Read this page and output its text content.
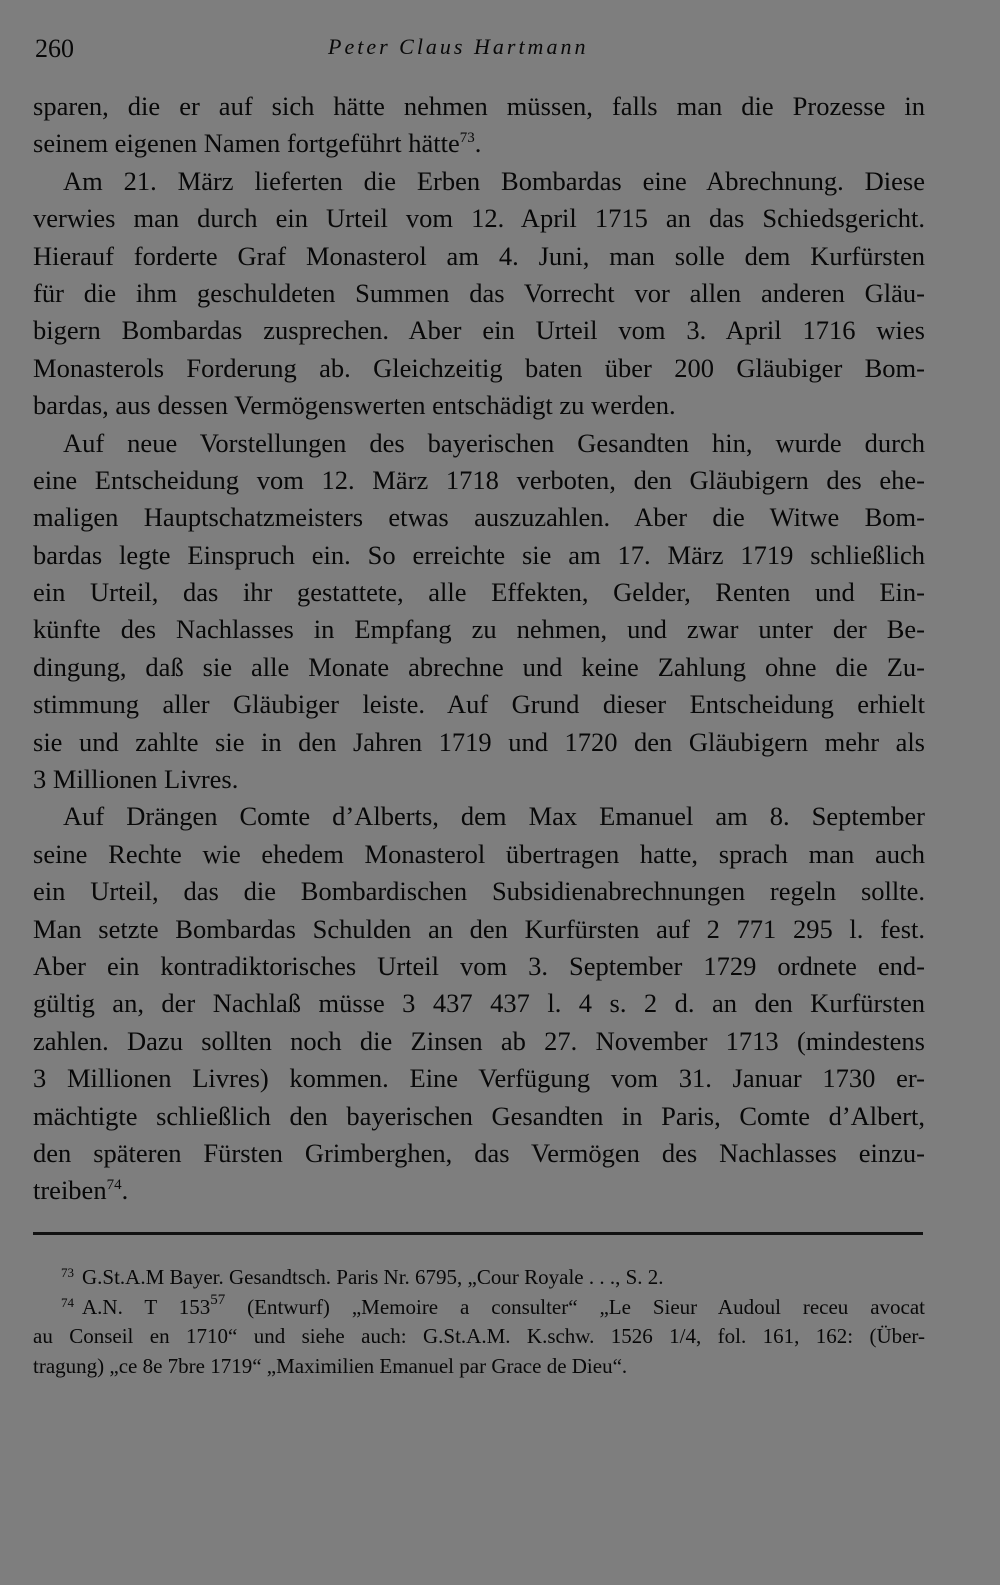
260	Peter Claus Hartmann
sparen, die er auf sich hätte nehmen müssen, falls man die Prozesse in
seinem eigenen Namen fortgeführt hätte$^{73}$.
Am 21. März lieferten die Erben Bombardas eine Abrechnung. Diese
verwies man durch ein Urteil vom 12. April 1715 an das Schiedsgericht.
Hierauf forderte Graf Monasterol am 4. Juni, man solle dem Kurfürsten
für die ihm geschuldeten Summen das Vorrecht vor allen anderen Gläu-
bigern Bombardas zusprechen. Aber ein Urteil vom 3. April 1716 wies
Monasterols Forderung ab. Gleichzeitig baten über 200 Gläubiger Bom-
bardas, aus dessen Vermögenswerten entschädigt zu werden.
Auf neue Vorstellungen des bayerischen Gesandten hin, wurde durch
eine Entscheidung vom 12. März 1718 verboten, den Gläubigern des ehe-
maligen Hauptschatzmeisters etwas auszuzahlen. Aber die Witwe Bom-
bardas legte Einspruch ein. So erreichte sie am 17. März 1719 schließlich
ein Urteil, das ihr gestattete, alle Effekten, Gelder, Renten und Ein-
künfte des Nachlasses in Empfang zu nehmen, und zwar unter der Be-
dingung, daß sie alle Monate abrechne und keine Zahlung ohne die Zu-
stimmung aller Gläubiger leiste. Auf Grund dieser Entscheidung erhielt
sie und zahlte sie in den Jahren 1719 und 1720 den Gläubigern mehr als
3 Millionen Livres.
Auf Drängen Comte d’Alberts, dem Max Emanuel am 8. September
seine Rechte wie ehedem Monasterol übertragen hatte, sprach man auch
ein Urteil, das die Bombardischen Subsidienabrechnungen regeln sollte.
Man setzte Bombardas Schulden an den Kurfürsten auf 2 771 295 l. fest.
Aber ein kontradiktorisches Urteil vom 3. September 1729 ordnete end-
gültig an, der Nachlaß müsse 3 437 437 l. 4 s. 2 d. an den Kurfürsten
zahlen. Dazu sollten noch die Zinsen ab 27. November 1713 (mindestens
3 Millionen Livres) kommen. Eine Verfügung vom 31. Januar 1730 er-
mächtigte schließlich den bayerischen Gesandten in Paris, Comte d’Albert,
den späteren Fürsten Grimberghen, das Vermögen des Nachlasses einzu-
treiben$^{74}$.
$^{73}$ G.St.A.M Bayer. Gesandtsch. Paris Nr. 6795, „Cour Royale . . ., S. 2.
$^{74}$ A.N. T $153^{57}$ (Entwurf) „Memoire a consulter“ „Le Sieur Audoul receu avocat
au Conseil en 1710“ und siehe auch: G.St.A.M. K.schw. 1526 1/4, fol. 161, 162: (Über-
tragung) „ce 8e 7bre 1719“ „Maximilien Emanuel par Grace de Dieu“.
